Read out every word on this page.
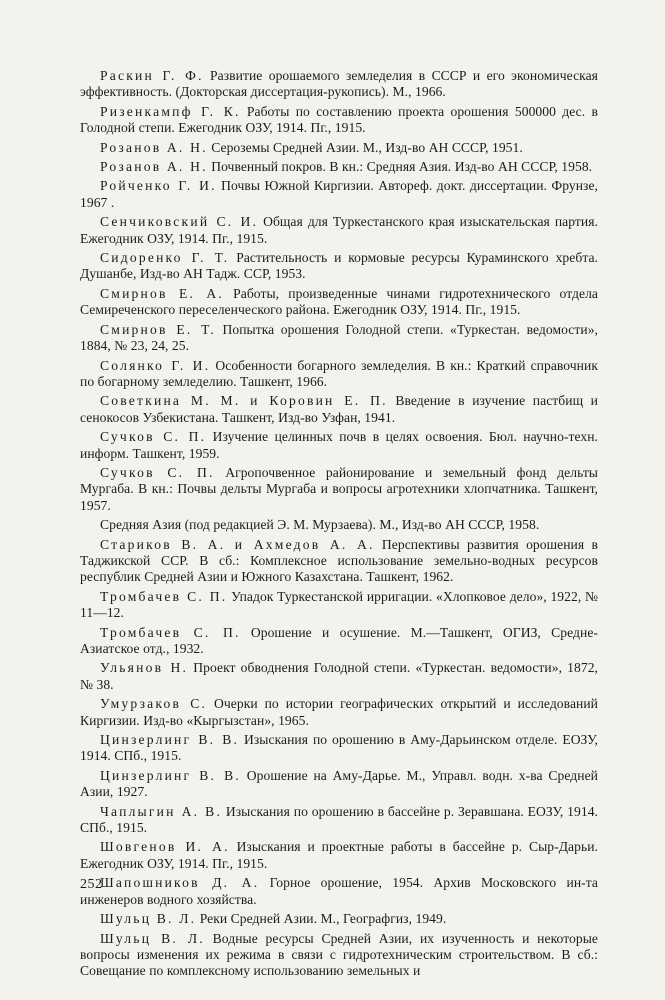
Раскин Г. Ф. Развитие орошаемого земледелия в СССР и его экономическая эффективность. (Докторская диссертация-рукопись). М., 1966.

Ризенкампф Г. К. Работы по составлению проекта орошения 500000 дес. в Голодной степи. Ежегодник ОЗУ, 1914. Пг., 1915.

Розанов А. Н. Сероземы Средней Азии. М., Изд-во АН СССР, 1951.

Розанов А. Н. Почвенный покров. В кн.: Средняя Азия. Изд-во АН СССР, 1958.

Ройченко Г. И. Почвы Южной Киргизии. Автореф. докт. диссертации. Фрунзе, 1967 .

Сенчиковский С. И. Общая для Туркестанского края изыскательская партия. Ежегодник ОЗУ, 1914. Пг., 1915.

Сидоренко Г. Т. Растительность и кормовые ресурсы Кураминского хребта. Душанбе, Изд-во АН Тадж. ССР, 1953.

Смирнов Е. А. Работы, произведенные чинами гидротехнического отдела Семиреченского переселенческого района. Ежегодник ОЗУ, 1914. Пг., 1915.

Смирнов Е. Т. Попытка орошения Голодной степи. «Туркестан. ведомости», 1884, № 23, 24, 25.

Солянко Г. И. Особенности богарного земледелия. В кн.: Краткий справочник по богарному земледелию. Ташкент, 1966.

Советкина М. М. и Коровин Е. П. Введение в изучение пастбищ и сенокосов Узбекистана. Ташкент, Изд-во Узфан, 1941.

Сучков С. П. Изучение целинных почв в целях освоения. Бюл. научно-техн. информ. Ташкент, 1959.

Сучков С. П. Агропочвенное районирование и земельный фонд дельты Мургаба. В кн.: Почвы дельты Мургаба и вопросы агротехники хлопчатника. Ташкент, 1957.

Средняя Азия (под редакцией Э. М. Мурзаева). М., Изд-во АН СССР, 1958.

Стариков В. А. и Ахмедов А. А. Перспективы развития орошения в Таджикской ССР. В сб.: Комплексное использование земельно-водных ресурсов республик Средней Азии и Южного Казахстана. Ташкент, 1962.

Тромбачев С. П. Упадок Туркестанской ирригации. «Хлопковое дело», 1922, № 11—12.

Тромбачев С. П. Орошение и осушение. М.—Ташкент, ОГИЗ, Средне-Азиатское отд., 1932.

Ульянов Н. Проект обводнения Голодной степи. «Туркестан. ведомости», 1872, № 38.

Умурзаков С. Очерки по истории географических открытий и исследований Киргизии. Изд-во «Кыргызстан», 1965.

Цинзерлинг В. В. Изыскания по орошению в Аму-Дарьинском отделе. ЕОЗУ, 1914. СПб., 1915.

Цинзерлинг В. В. Орошение на Аму-Дарье. М., Управл. водн. х-ва Средней Азии, 1927.

Чаплыгин А. В. Изыскания по орошению в бассейне р. Зеравшана. ЕОЗУ, 1914. СПб., 1915.

Шовгенов И. А. Изыскания и проектные работы в бассейне р. Сыр-Дарьи. Ежегодник ОЗУ, 1914. Пг., 1915.

Шапошников Д. А. Горное орошение, 1954. Архив Московского ин-та инженеров водного хозяйства.

Шульц В. Л. Реки Средней Азии. М., Географгиз, 1949.

Шульц В. Л. Водные ресурсы Средней Азии, их изученность и некоторые вопросы изменения их режима в связи с гидротехническим строительством. В сб.: Совещание по комплексному использованию земельных и

252
